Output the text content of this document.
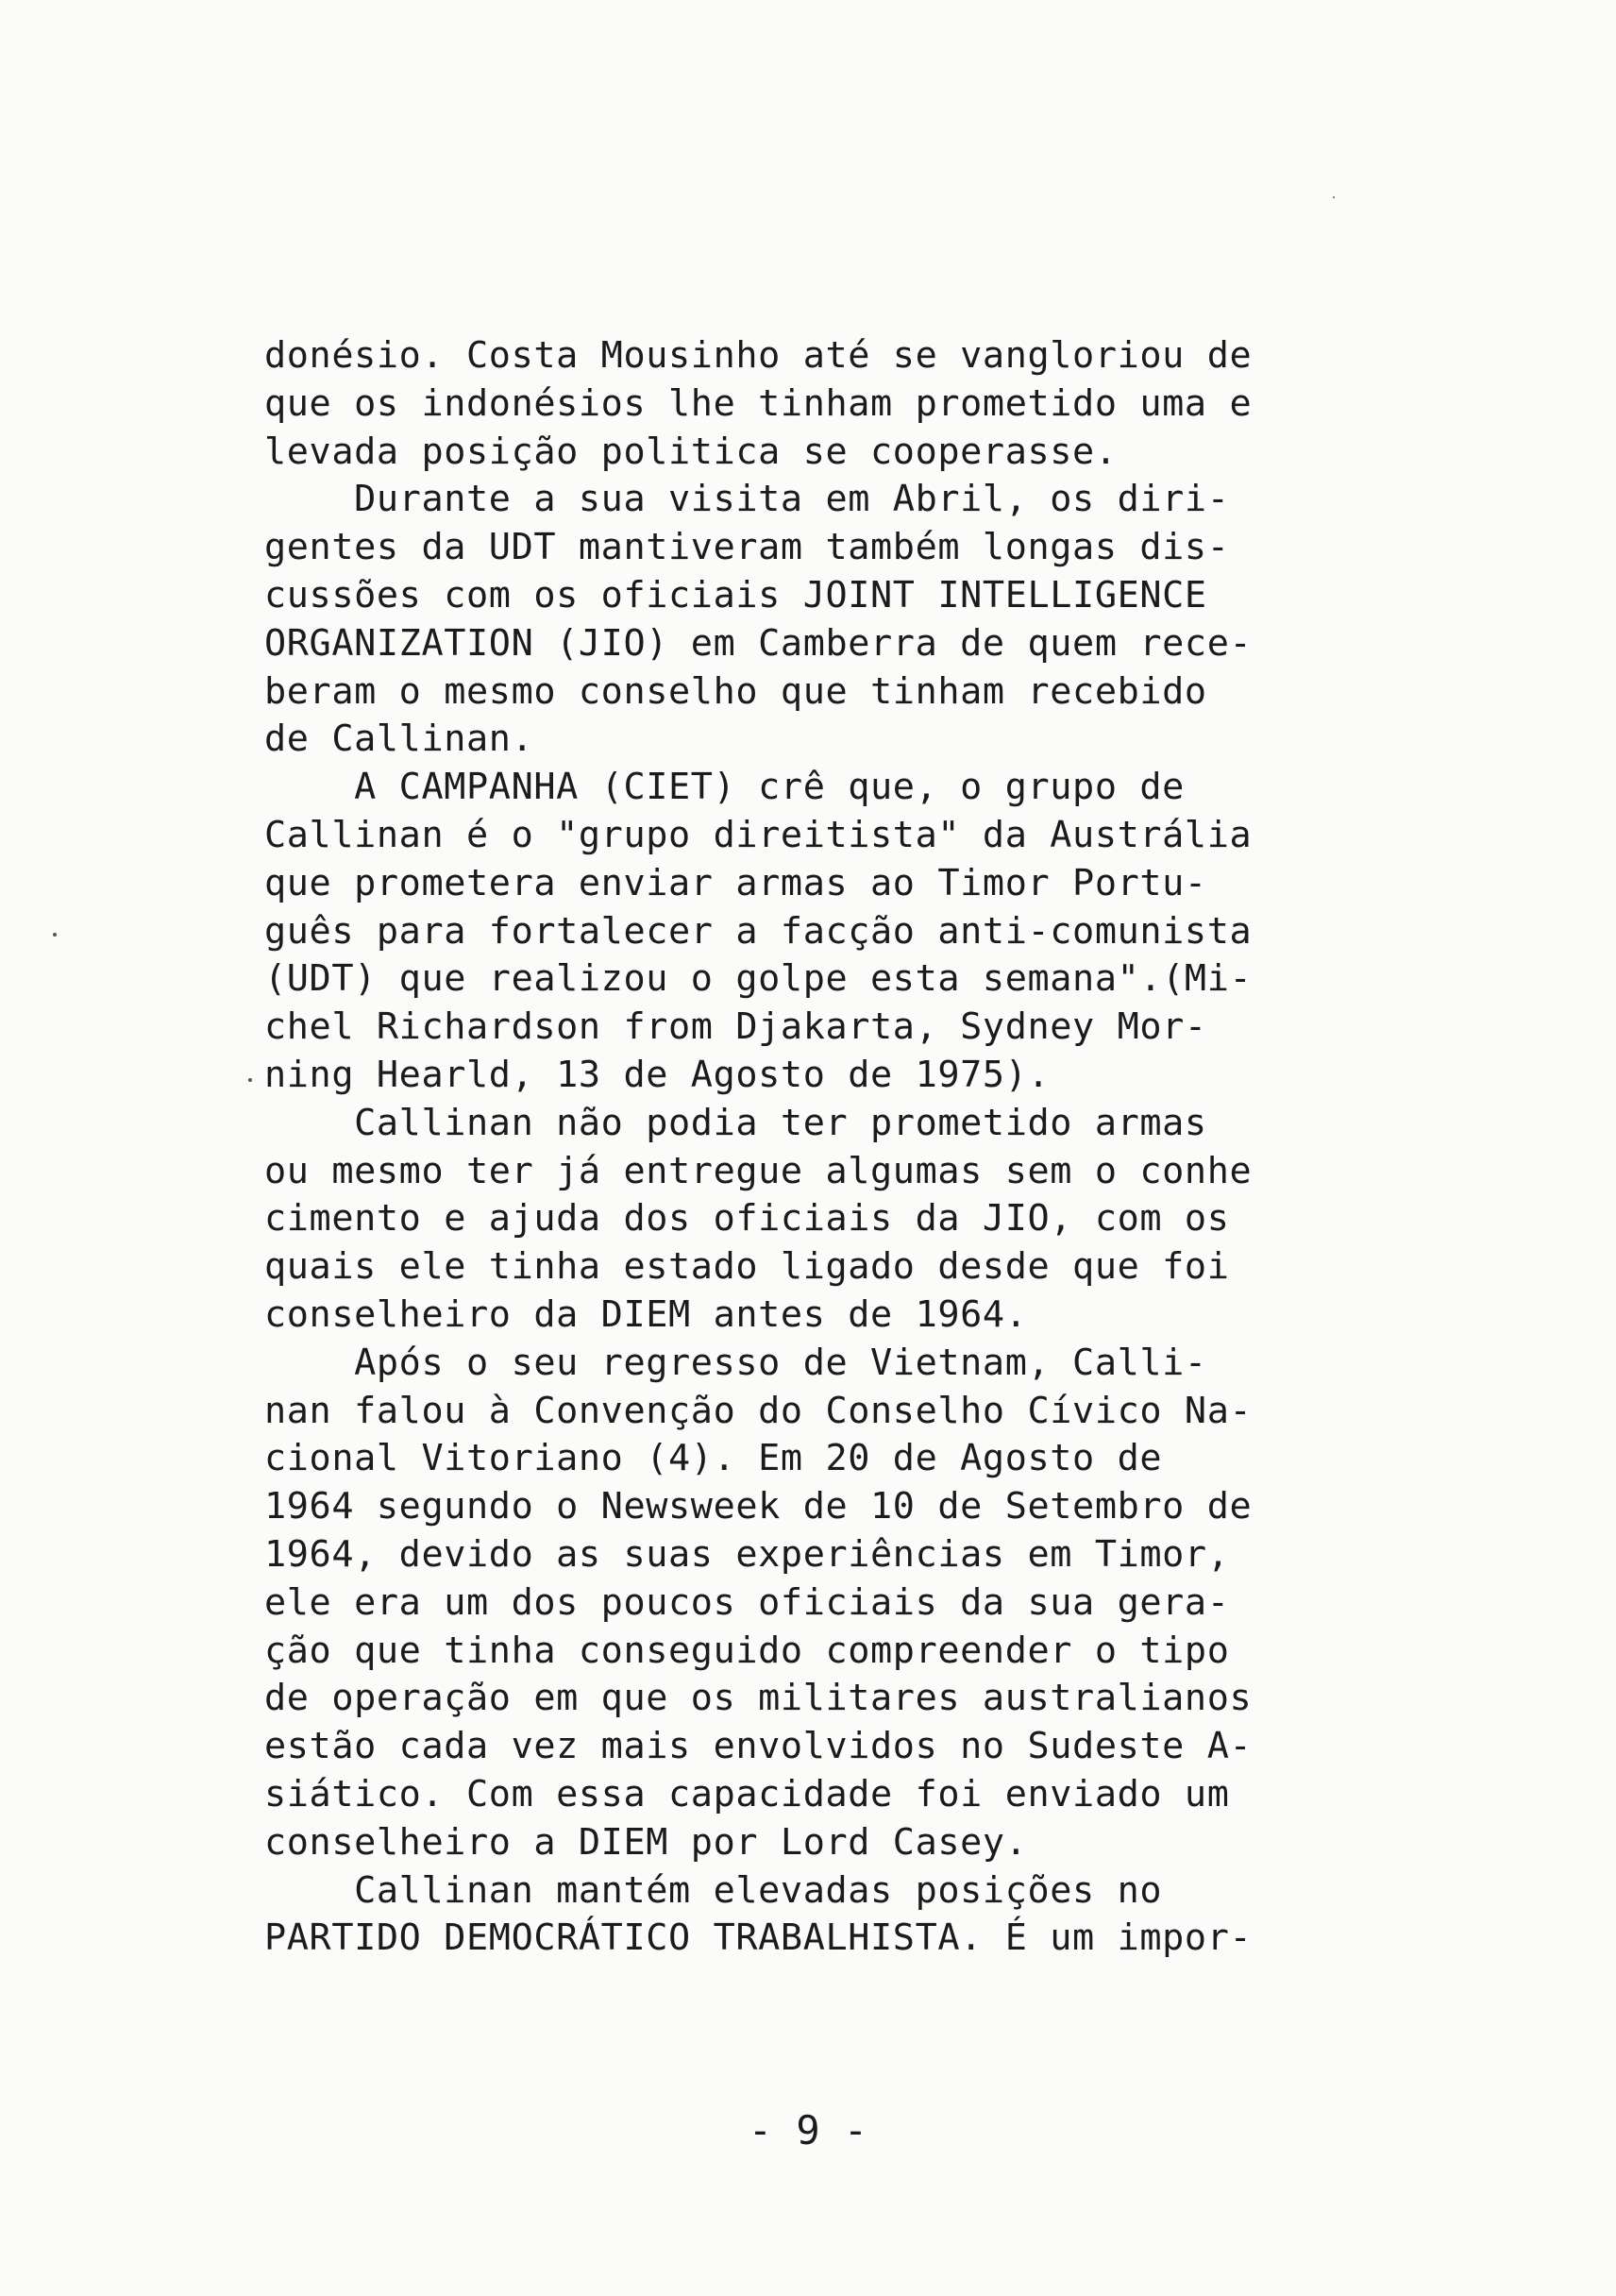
donésio. Costa Mousinho até se vangloriou de
que os indonésios lhe tinham prometido uma e
levada posição politica se cooperasse.
Durante a sua visita em Abril, os diri-
gentes da UDT mantiveram também longas dis-
cussões com os oficiais JOINT INTELLIGENCE
ORGANIZATION (JIO) em Camberra de quem rece-
beram o mesmo conselho que tinham recebido
de Callinan.
A CAMPANHA (CIET) crê que, o grupo de
Callinan é o "grupo direitista" da Austrália
que prometera enviar armas ao Timor Portu-
guês para fortalecer a facção anti-comunista
(UDT) que realizou o golpe esta semana".(Mi-
chel Richardson from Djakarta, Sydney Mor-
ning Hearld, 13 de Agosto de 1975).
Callinan não podia ter prometido armas
ou mesmo ter já entregue algumas sem o conhe
cimento e ajuda dos oficiais da JIO, com os
quais ele tinha estado ligado desde que foi
conselheiro da DIEM antes de 1964.
Após o seu regresso de Vietnam, Calli-
nan falou à Convenção do Conselho Cívico Na-
cional Vitoriano (4). Em 20 de Agosto de
1964 segundo o Newsweek de 10 de Setembro de
1964, devido as suas experiências em Timor,
ele era um dos poucos oficiais da sua gera-
ção que tinha conseguido compreender o tipo
de operação em que os militares australianos
estão cada vez mais envolvidos no Sudeste A-
siático. Com essa capacidade foi enviado um
conselheiro a DIEM por Lord Casey.
Callinan mantém elevadas posições no
PARTIDO DEMOCRÁTICO TRABALHISTA. É um impor-
- 9 -
